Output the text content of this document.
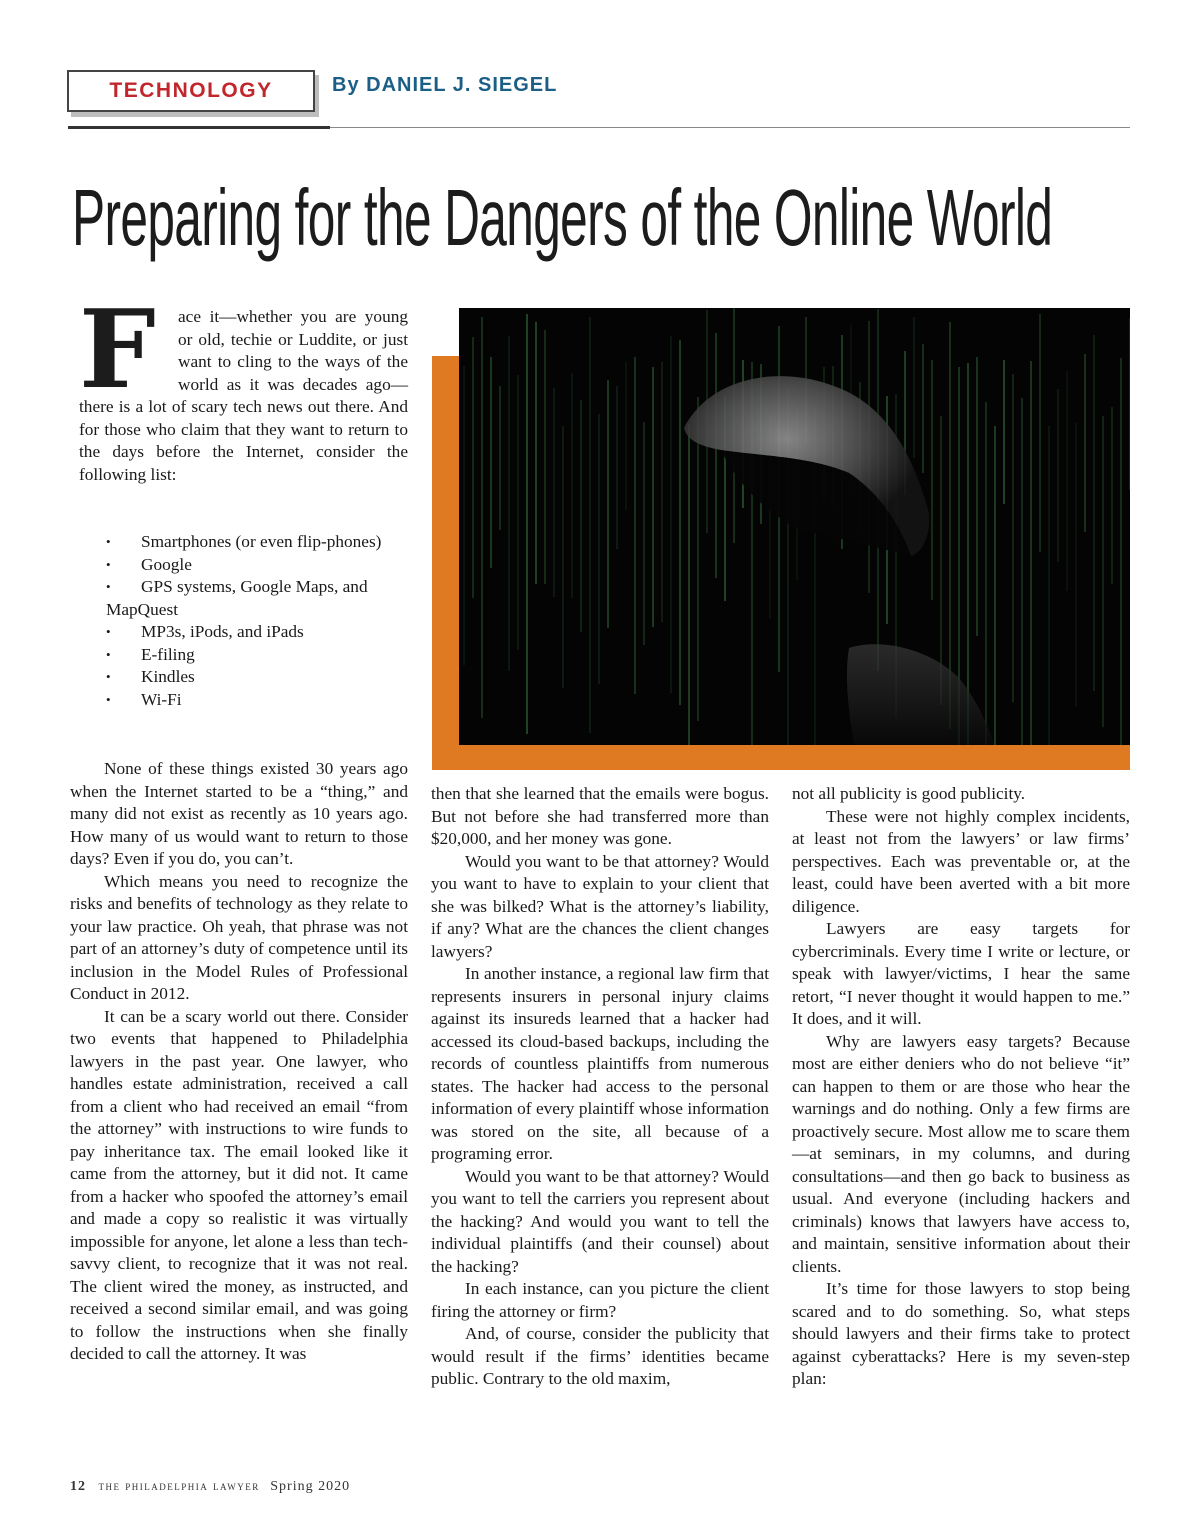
TECHNOLOGY	By DANIEL J. SIEGEL
Preparing for the Dangers of the Online World
F	ace it—whether you are young or old, techie or Luddite, or just want to cling to the ways of the world as it was decades ago—there is a lot of scary tech news out there. And for those who claim that they want to return to the days before the Internet, consider the following list:
• Smartphones (or even flip-phones)
• Google
• GPS systems, Google Maps, and MapQuest
• MP3s, iPods, and iPads
• E-filing
• Kindles
• Wi-Fi

None of these things existed 30 years ago when the Internet started to be a “thing,” and many did not exist as recently as 10 years ago. How many of us would want to return to those days? Even if you do, you can’t.

Which means you need to recognize the risks and benefits of technology as they relate to your law practice. Oh yeah, that phrase was not part of an attorney’s duty of competence until its inclusion in the Model Rules of Professional Conduct in 2012.

It can be a scary world out there. Consider two events that happened to Philadelphia lawyers in the past year. One lawyer, who handles estate administration, received a call from a client who had received an email “from the attorney” with instructions to wire funds to pay inheritance tax. The email looked like it came from the attorney, but it did not. It came from a hacker who spoofed the attorney’s email and made a copy so realistic it was virtually impossible for anyone, let alone a less than tech-savvy client, to recognize that it was not real. The client wired the money, as instructed, and received a second similar email, and was going to follow the instructions when she finally decided to call the attorney. It was

then that she learned that the emails were bogus. But not before she had transferred more than $20,000, and her money was gone.

Would you want to be that attorney? Would you want to have to explain to your client that she was bilked? What is the attorney’s liability, if any? What are the chances the client changes lawyers?

In another instance, a regional law firm that represents insurers in personal injury claims against its insureds learned that a hacker had accessed its cloud-based backups, including the records of countless plaintiffs from numerous states. The hacker had access to the personal information of every plaintiff whose information was stored on the site, all because of a programing error.

Would you want to be that attorney? Would you want to tell the carriers you represent about the hacking? And would you want to tell the individual plaintiffs (and their counsel) about the hacking?

In each instance, can you picture the client firing the attorney or firm?

And, of course, consider the publicity that would result if the firms’ identities became public. Contrary to the old maxim,

not all publicity is good publicity.

These were not highly complex incidents, at least not from the lawyers’ or law firms’ perspectives. Each was preventable or, at the least, could have been averted with a bit more diligence.

Lawyers are easy targets for cybercriminals. Every time I write or lecture, or speak with lawyer/victims, I hear the same retort, “I never thought it would happen to me.” It does, and it will.

Why are lawyers easy targets? Because most are either deniers who do not believe “it” can happen to them or are those who hear the warnings and do nothing. Only a few firms are proactively secure. Most allow me to scare them—at seminars, in my columns, and during consultations—and then go back to business as usual. And everyone (including hackers and criminals) knows that lawyers have access to, and maintain, sensitive information about their clients.

It’s time for those lawyers to stop being scared and to do something. So, what steps should lawyers and their firms take to protect against cyberattacks? Here is my seven-step plan:

12 the philadelphia lawyer Spring 2020
